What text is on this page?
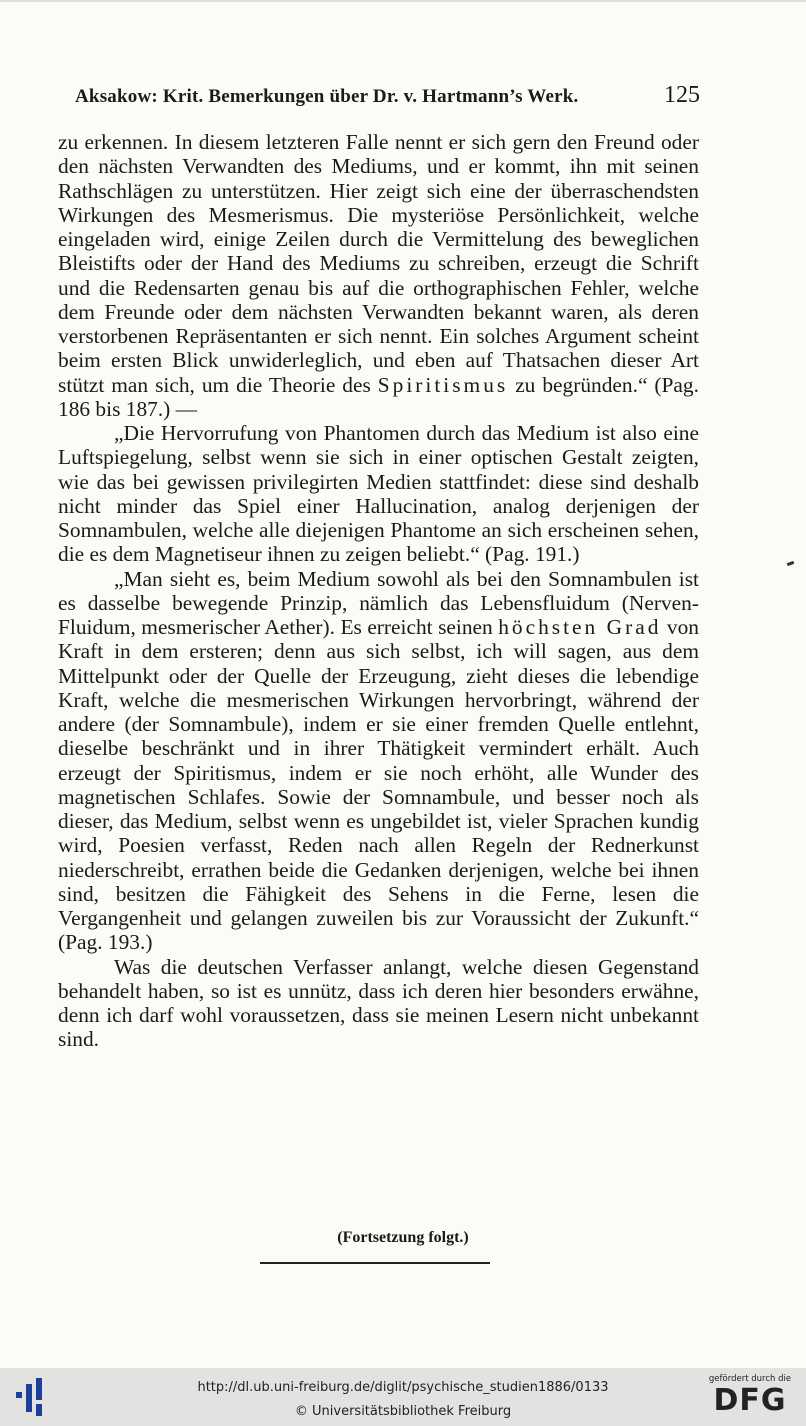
Aksakow: Krit. Bemerkungen über Dr. v. Hartmann’s Werk.	125

zu erkennen. In diesem letzteren Falle nennt er sich gern den Freund oder den nächsten Verwandten des Mediums, und er kommt, ihn mit seinen Rathschlägen zu unterstützen. Hier zeigt sich eine der überraschendsten Wirkungen des Mesmerismus. Die mysteriöse Persönlichkeit, welche eingeladen wird, einige Zeilen durch die Vermittelung des beweglichen Bleistifts oder der Hand des Mediums zu schreiben, erzeugt die Schrift und die Redensarten genau bis auf die orthographischen Fehler, welche dem Freunde oder dem nächsten Verwandten bekannt waren, als deren verstorbenen Repräsentanten er sich nennt. Ein solches Argument scheint beim ersten Blick unwiderleglich, und eben auf Thatsachen dieser Art stützt man sich, um die Theorie des Spiritismus zu begründen.“ (Pag. 186 bis 187.) —

„Die Hervorrufung von Phantomen durch das Medium ist also eine Luftspiegelung, selbst wenn sie sich in einer optischen Gestalt zeigten, wie das bei gewissen privilegirten Medien stattfindet: diese sind deshalb nicht minder das Spiel einer Hallucination, analog derjenigen der Somnambulen, welche alle diejenigen Phantome an sich erscheinen sehen, die es dem Magnetiseur ihnen zu zeigen beliebt.“ (Pag. 191.)

„Man sieht es, beim Medium sowohl als bei den Somnambulen ist es dasselbe bewegende Prinzip, nämlich das Lebensfluidum (Nerven-Fluidum, mesmerischer Aether). Es erreicht seinen höchsten Grad von Kraft in dem ersteren; denn aus sich selbst, ich will sagen, aus dem Mittelpunkt oder der Quelle der Erzeugung, zieht dieses die lebendige Kraft, welche die mesmerischen Wirkungen hervorbringt, während der andere (der Somnambule), indem er sie einer fremden Quelle entlehnt, dieselbe beschränkt und in ihrer Thätigkeit vermindert erhält. Auch erzeugt der Spiritismus, indem er sie noch erhöht, alle Wunder des magnetischen Schlafes. Sowie der Somnambule, und besser noch als dieser, das Medium, selbst wenn es ungebildet ist, vieler Sprachen kundig wird, Poesien verfasst, Reden nach allen Regeln der Rednerkunst niederschreibt, errathen beide die Gedanken derjenigen, welche bei ihnen sind, besitzen die Fähigkeit des Sehens in die Ferne, lesen die Vergangenheit und gelangen zuweilen bis zur Voraussicht der Zukunft.“ (Pag. 193.)

Was die deutschen Verfasser anlangt, welche diesen Gegenstand behandelt haben, so ist es unnütz, dass ich deren hier besonders erwähne, denn ich darf wohl voraussetzen, dass sie meinen Lesern nicht unbekannt sind.

(Fortsetzung folgt.)
http://dl.ub.uni-freiburg.de/diglit/psychische_studien1886/0133
© Universitätsbibliothek Freiburg
gefördert durch die
DFG
